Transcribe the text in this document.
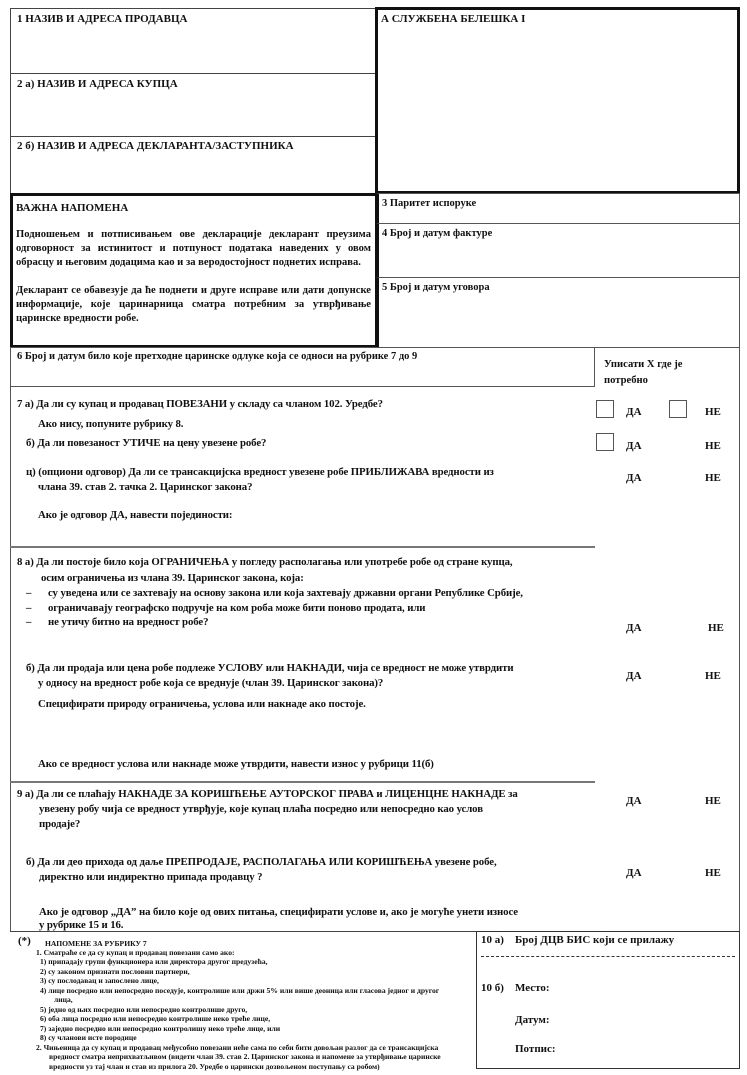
1 НАЗИВ И АДРЕСА ПРОДАВЦА
2 а) НАЗИВ И АДРЕСА КУПЦА
2 б) НАЗИВ И АДРЕСА ДЕКЛАРАНТА/ЗАСТУПНИКА
А СЛУЖБЕНА БЕЛЕШКА I
ВАЖНА НАПОМЕНА
Подношењем и потписивањем ове декларације декларант преузима одговорност за истинитост и потпуност података наведених у овом обрасцу и његовим додацима као и за веродостојност поднетих исправа.
Декларант се обавезује да ће поднети и друге исправе или дати допунске информације, које царинарница сматра потребним за утврђивање царинске вредности робе.
3 Паритет испоруке
4 Број и датум фактуре
5 Број и датум уговора
6 Број и датум било које претходне царинске одлуке која се односи на рубрике 7 до 9
Уписати X где је
потребно
7 а) Да ли су купац и продавац ПОВЕЗАНИ у складу са чланом 102. Уредбе?
Ако нису, попуните рубрику 8.
ДА	НЕ
б) Да ли повезаност УТИЧЕ на цену увезене робе?	ДА	НЕ
ц) (опциони одговор) Да ли се трансакцијска вредност увезене робе ПРИБЛИЖАВА вредности из
члана 39. став 2. тачка 2. Царинског закона?
ДА	НЕ
Ако је одговор ДА, навести појединости:
8 а) Да ли постоје било која ОГРАНИЧЕЊА у погледу располагања или употребе робе од стране купца,
осим ограничења из члана 39. Царинског закона, која:
– су уведена или се захтевају на основу закона или која захтевају државни органи Републике Србије,
– ограничавају географско подручје на ком роба може бити поново продата, или
– не утичу битно на вредност робе?	ДА	НЕ
б) Да ли продаја или цена робе подлеже УСЛОВУ или НАКНАДИ, чија се вредност не може утврдити
у односу на вредност робе која се вреднује (члан 39. Царинског закона)?
ДА	НЕ
Специфирати природу ограничења, услова или накнаде ако постоје.
Ако се вредност услова или накнаде може утврдити, навести износ у рубрици 11(б)
9 а) Да ли се плаћају НАКНАДЕ ЗА КОРИШЋЕЊЕ АУТОРСКОГ ПРАВА и ЛИЦЕНЦНЕ НАКНАДЕ за
увезену робу чија се вредност утврђује, које купац плаћа посредно или непосредно као услов
продаје?
ДА	НЕ
б) Да ли део прихода од даље ПРЕПРОДАЈЕ, РАСПОЛАГАЊА ИЛИ КОРИШЋЕЊА увезене робе,
директно или индиректно припада продавцу ?	ДА	НЕ
Ако је одговор „ДА” на било које од ових питања, специфирати услове и, ако је могуће унети износе
у рубрике 15 и 16.
(*) НАПОМЕНЕ ЗА РУБРИКУ 7
1. Сматраће се да су купац и продавац повезани само ако:
1) припадају групи функционера или директора другог предузећа,
2) су законом признати пословни партнери,
3) су послодавац и запослено лице,
4) лице посредно или непосредно поседује, контролише или држи 5% или више деоница или гласова једног и другог
лица,
5) једно од њих посредно или непосредно контролише друго,
6) оба лица посредно или непосредно контролише неко треће лице,
7) заједно посредно или непосредно контролишу неко треће лице, или
8) су чланови исте породице
2. Чињеница да су купац и продавац међусобно повезани неће сама по себи бити довољан разлог да се трансакцијска
вредност сматра неприхватљивом (видети члан 39. став 2. Царинског закона и напомене за утврђивање царинске
вредности уз тај члан и став из прилога 20. Уредбе о царински дозвољеном поступању са робом)
10 а) Број ДЦВ БИС који се прилажу
10 б) Место:
Датум:
Потпис:
